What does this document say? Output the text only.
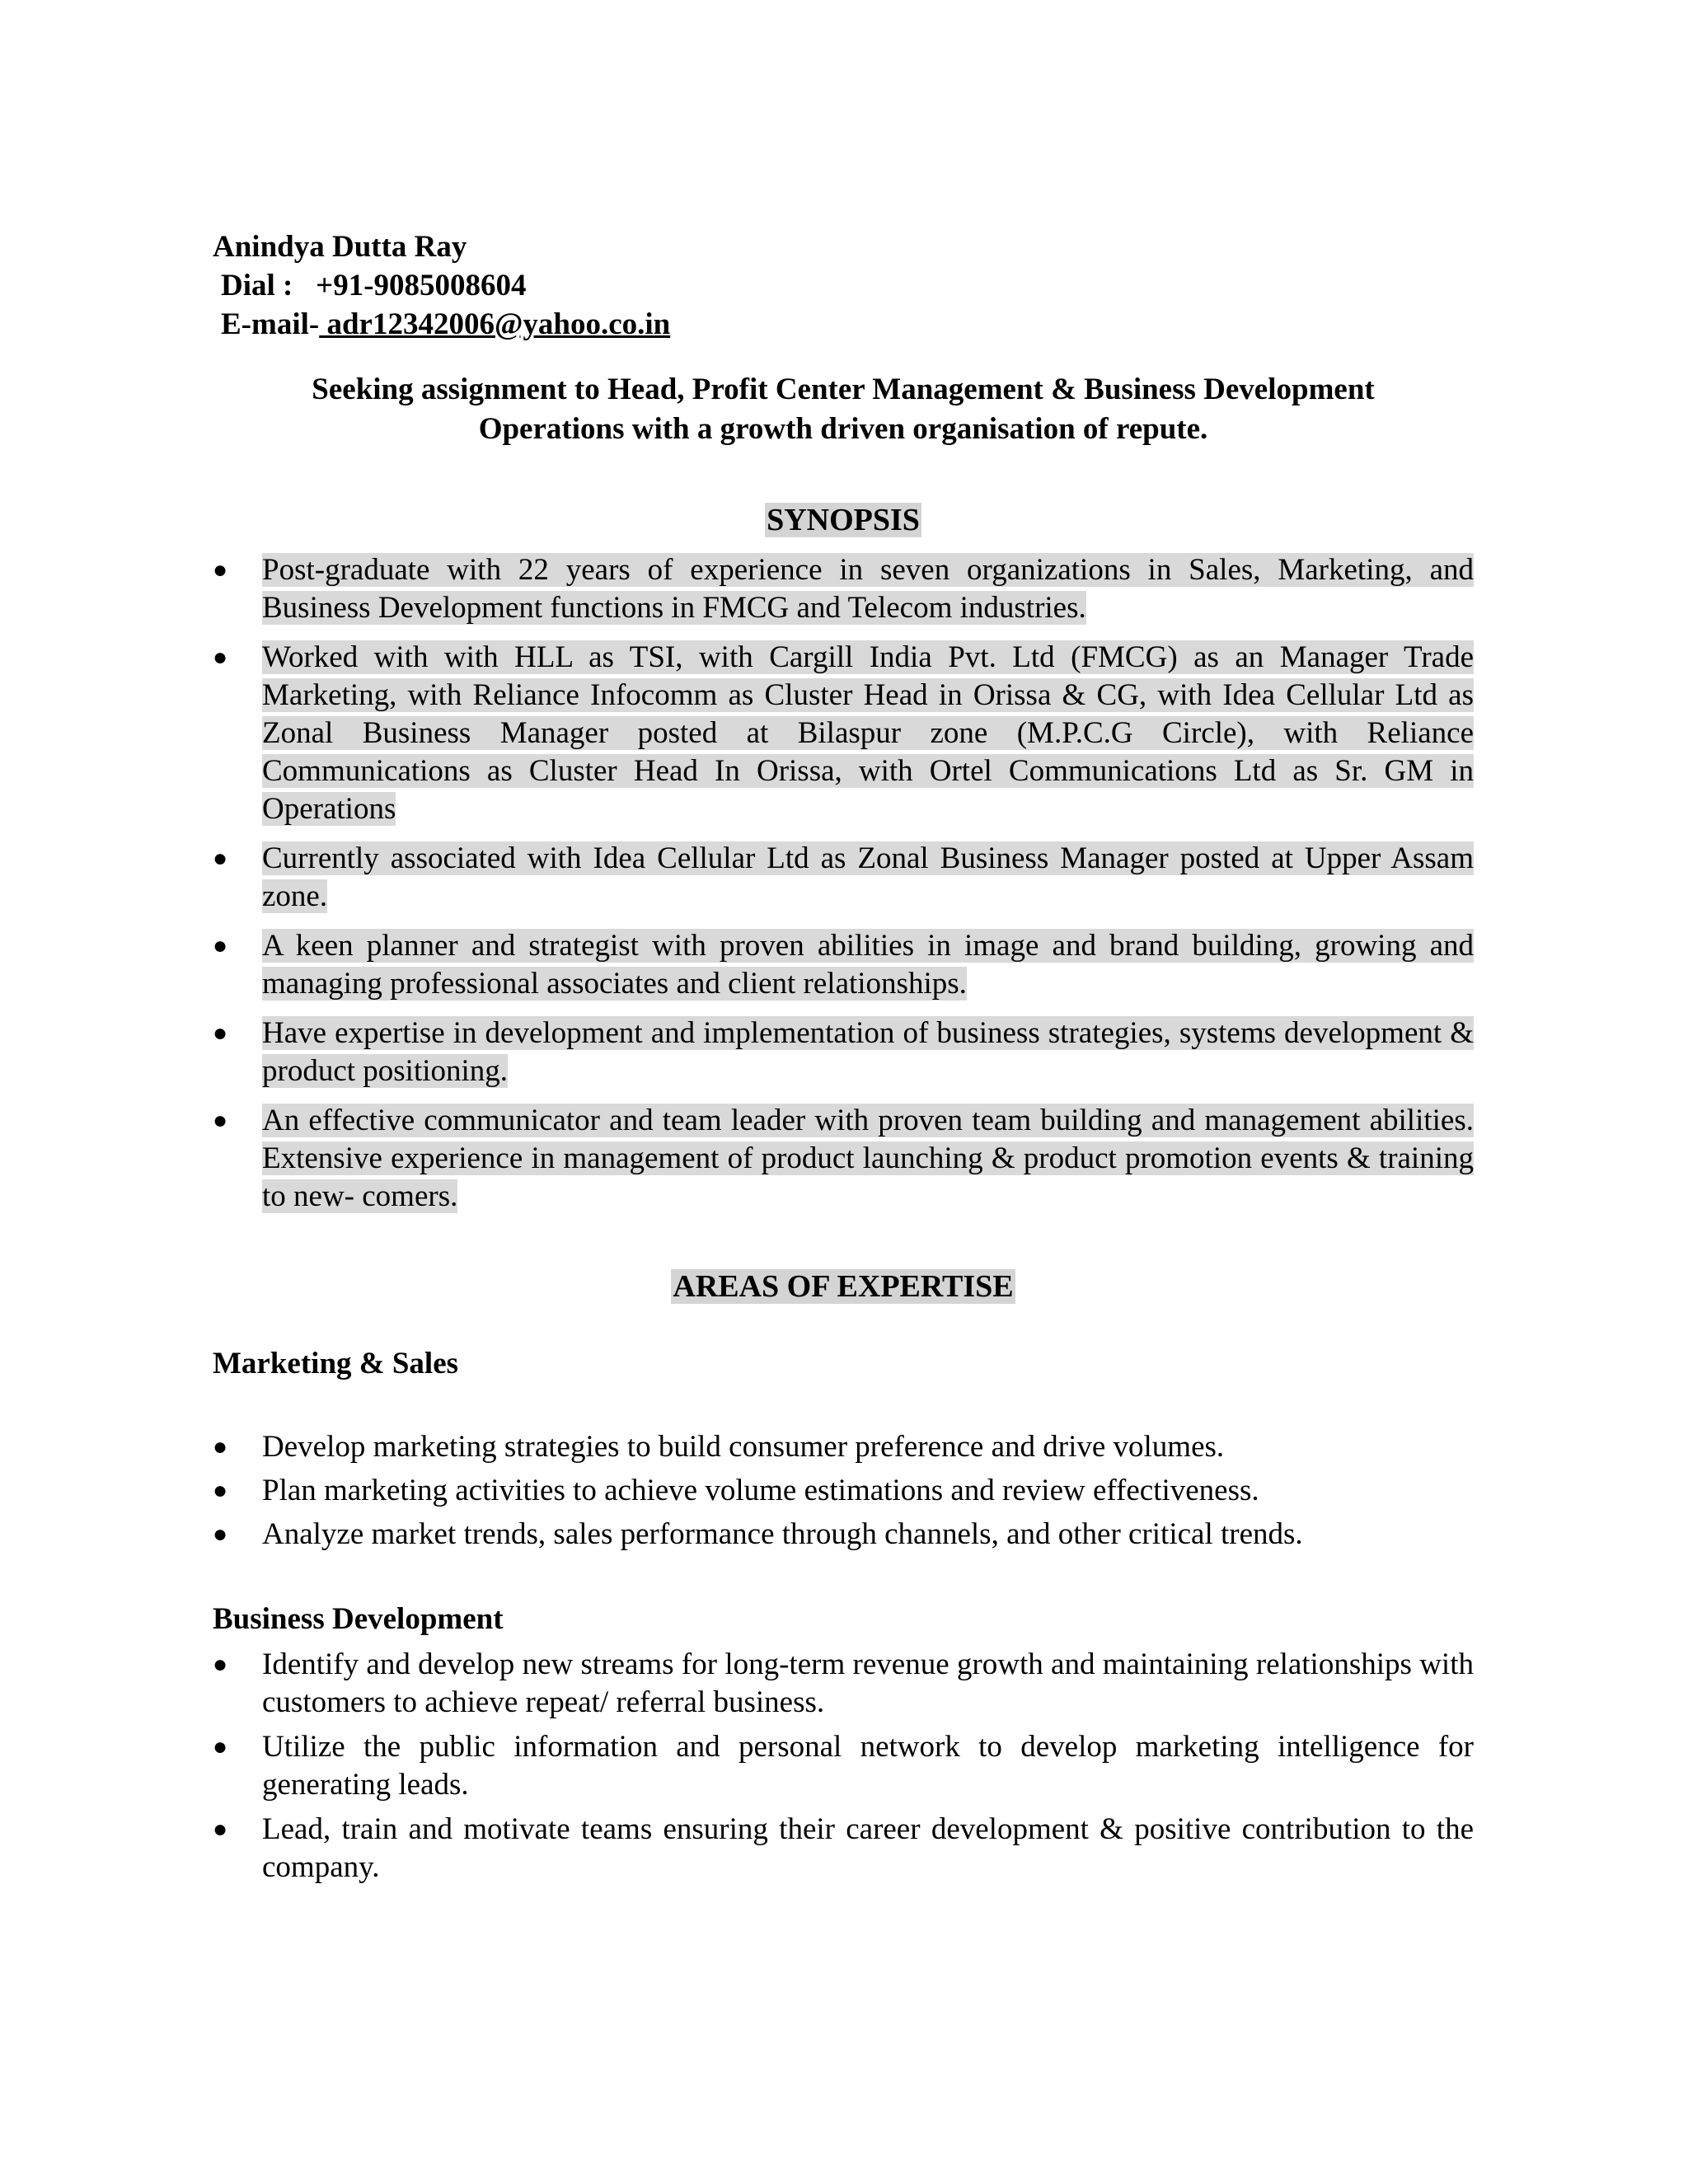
Anindya Dutta Ray
Dial : +91-9085008604
E-mail- adr12342006@yahoo.co.in
Seeking assignment to Head, Profit Center Management & Business Development
Operations with a growth driven organisation of repute.
SYNOPSIS
●	Post-graduate with 22 years of experience in seven organizations in Sales, Marketing, and Business Development functions in FMCG and Telecom industries.
●	Worked with with HLL as TSI, with Cargill India Pvt. Ltd (FMCG) as an Manager Trade Marketing, with Reliance Infocomm as Cluster Head in Orissa & CG, with Idea Cellular Ltd as Zonal Business Manager posted at Bilaspur zone (M.P.C.G Circle), with Reliance Communications as Cluster Head In Orissa, with Ortel Communications Ltd as Sr. GM in Operations
●	Currently associated with Idea Cellular Ltd as Zonal Business Manager posted at Upper Assam zone.
●	A keen planner and strategist with proven abilities in image and brand building, growing and managing professional associates and client relationships.
●	Have expertise in development and implementation of business strategies, systems development & product positioning.
●	An effective communicator and team leader with proven team building and management abilities. Extensive experience in management of product launching & product promotion events & training to new- comers.
AREAS OF EXPERTISE
Marketing & Sales
●	Develop marketing strategies to build consumer preference and drive volumes.
●	Plan marketing activities to achieve volume estimations and review effectiveness.
●	Analyze market trends, sales performance through channels, and other critical trends.
Business Development
●	Identify and develop new streams for long-term revenue growth and maintaining relationships with customers to achieve repeat/ referral business.
●	Utilize the public information and personal network to develop marketing intelligence for generating leads.
●	Lead, train and motivate teams ensuring their career development & positive contribution to the company.
